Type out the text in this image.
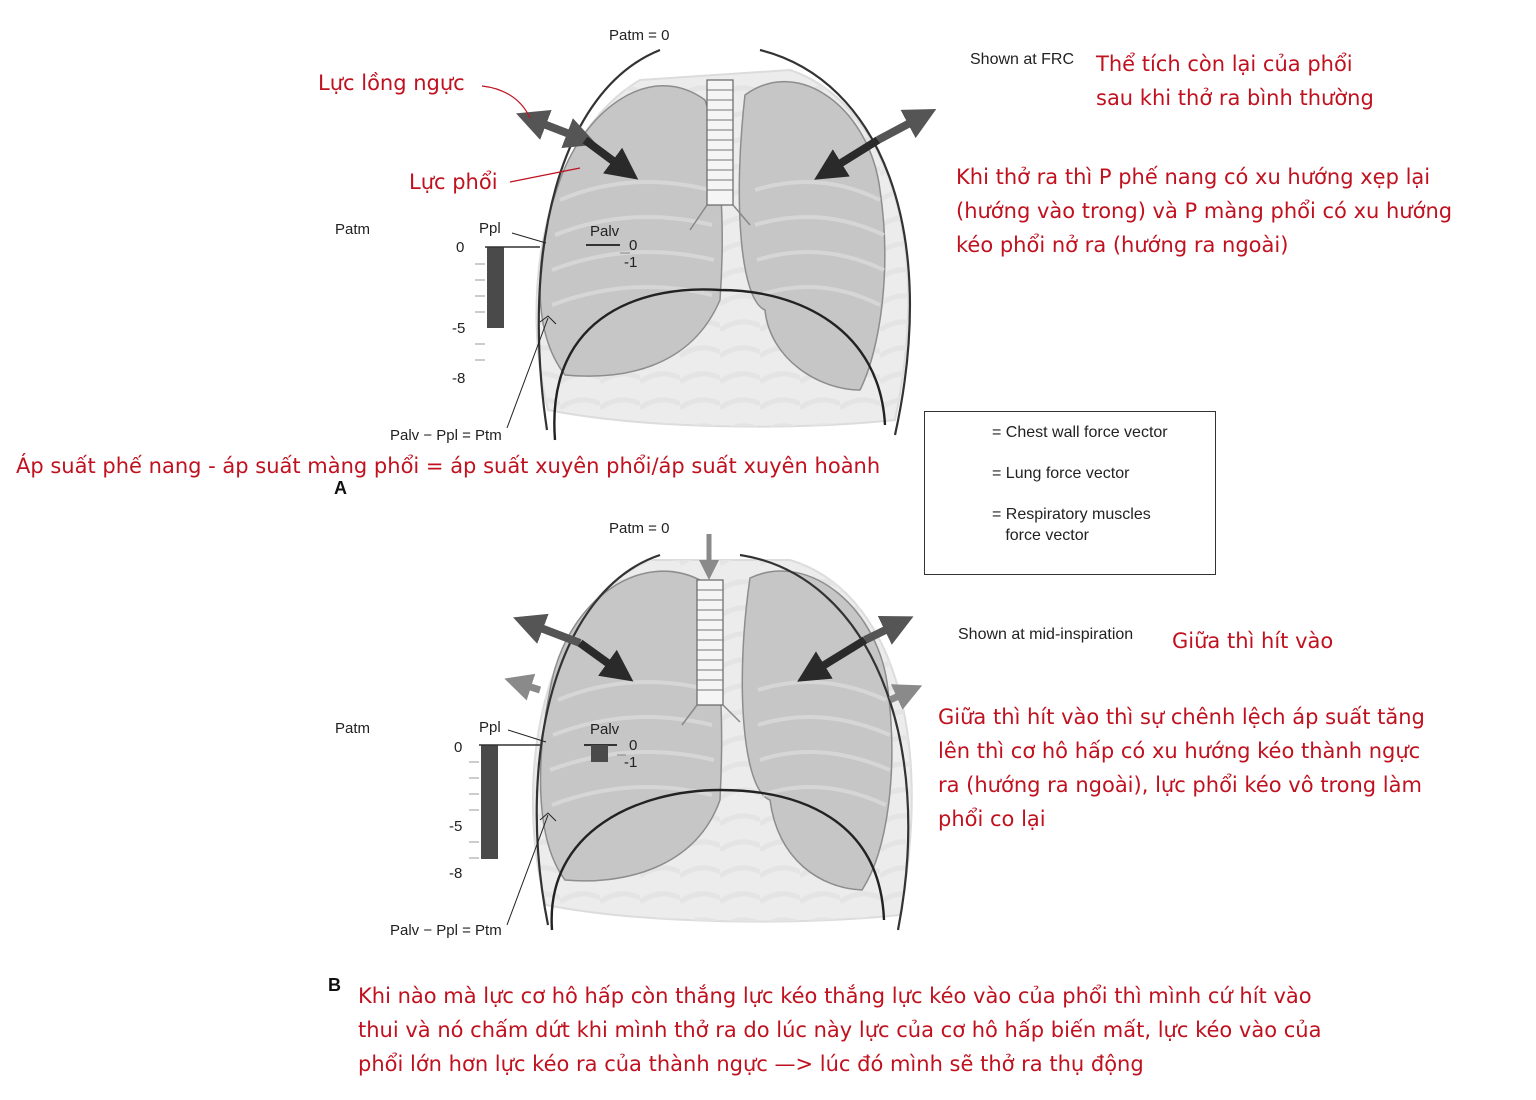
Patm = 0
Patm	Ppl	Palv
0
-5
-8
0
-1
Palv − Ppl = Ptm
A
Shown at FRC
Patm = 0
Patm	Ppl	Palv
0
-5
-8
0
-1
Palv − Ppl = Ptm
B
Shown at mid-inspiration
= Chest wall force vector
= Lung force vector
= Respiratory muscles
force vector
Lực lồng ngực
Lực phổi
Thể tích còn lại của phổi
sau khi thở ra bình thường
Khi thở ra thì P phế nang có xu hướng xẹp lại
(hướng vào trong) và P màng phổi có xu hướng
kéo phổi nở ra (hướng ra ngoài)
Áp suất phế nang - áp suất màng phổi = áp suất xuyên phổi/áp suất xuyên hoành
Giữa thì hít vào
Giữa thì hít vào thì sự chênh lệch áp suất tăng
lên thì cơ hô hấp có xu hướng kéo thành ngực
ra (hướng ra ngoài), lực phổi kéo vô trong làm
phổi co lại
Khi nào mà lực cơ hô hấp còn thắng lực kéo thắng lực kéo vào của phổi thì mình cứ hít vào
thui và nó chấm dứt khi mình thở ra do lúc này lực của cơ hô hấp biến mất, lực kéo vào của
phổi lớn hơn lực kéo ra của thành ngực —> lúc đó mình sẽ thở ra thụ động
